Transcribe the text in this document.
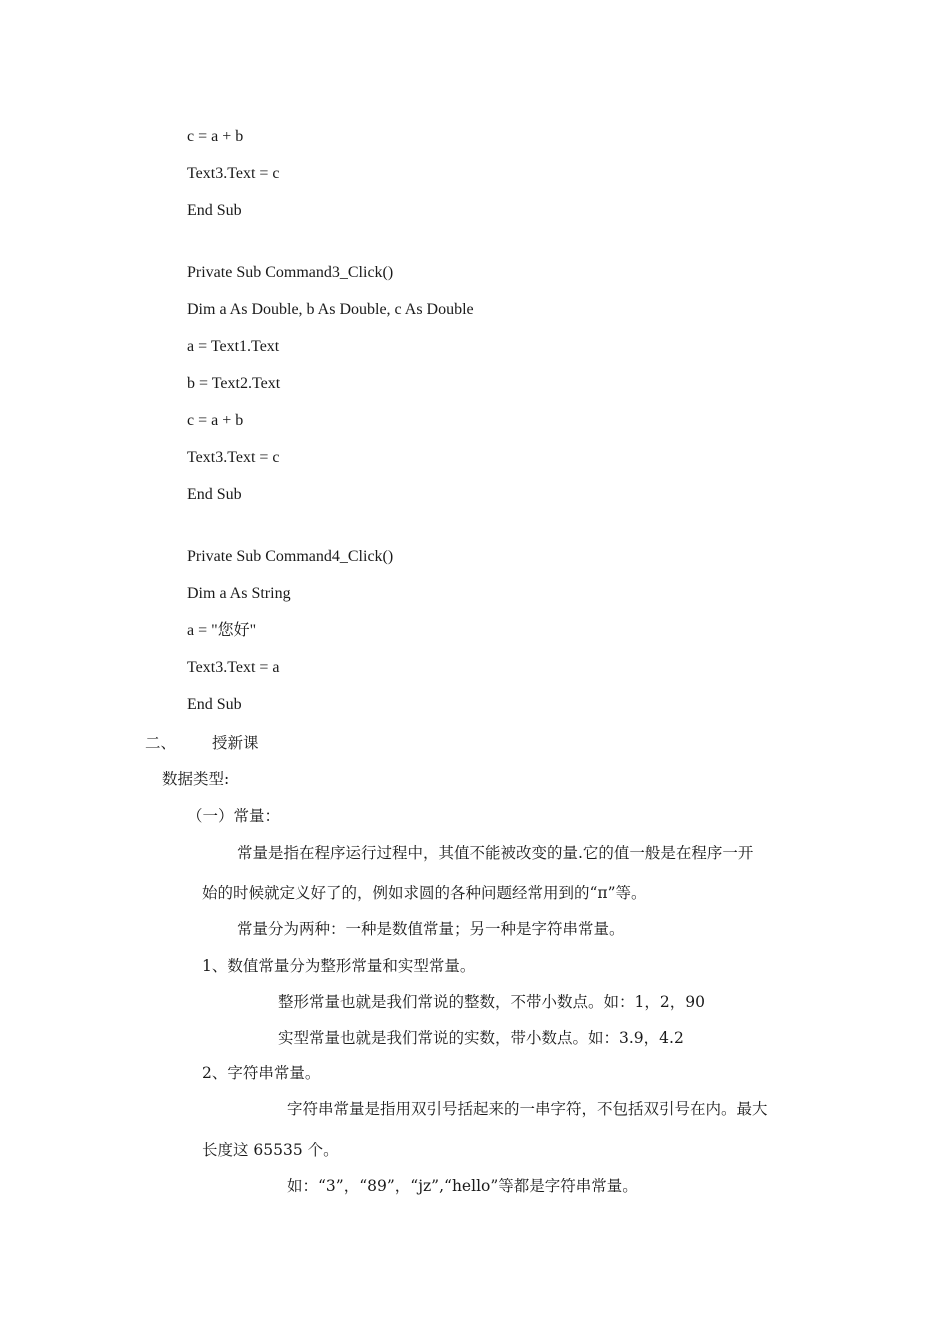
c = a + b
Text3.Text = c
End Sub
Private Sub Command3_Click()
Dim a As Double, b As Double, c As Double
a = Text1.Text
b = Text2.Text
c = a + b
Text3.Text = c
End Sub
Private Sub Command4_Click()
Dim a As String
a = "您好"
Text3.Text = a
End Sub
二、 授新课
数据类型:
（一）常量：
常量是指在程序运行过程中，其值不能被改变的量.它的值一般是在程序一开
始的时候就定义好了的，例如求圆的各种问题经常用到的“π”等。
常量分为两种：一种是数值常量；另一种是字符串常量。
1、数值常量分为整形常量和实型常量。
整形常量也就是我们常说的整数，不带小数点。如：1，2，90
实型常量也就是我们常说的实数，带小数点。如：3.9，4.2
2、字符串常量。
字符串常量是指用双引号括起来的一串字符，不包括双引号在内。最大
长度这 65535 个。
如：“3”，“89”，“jz”,“hello”等都是字符串常量。
